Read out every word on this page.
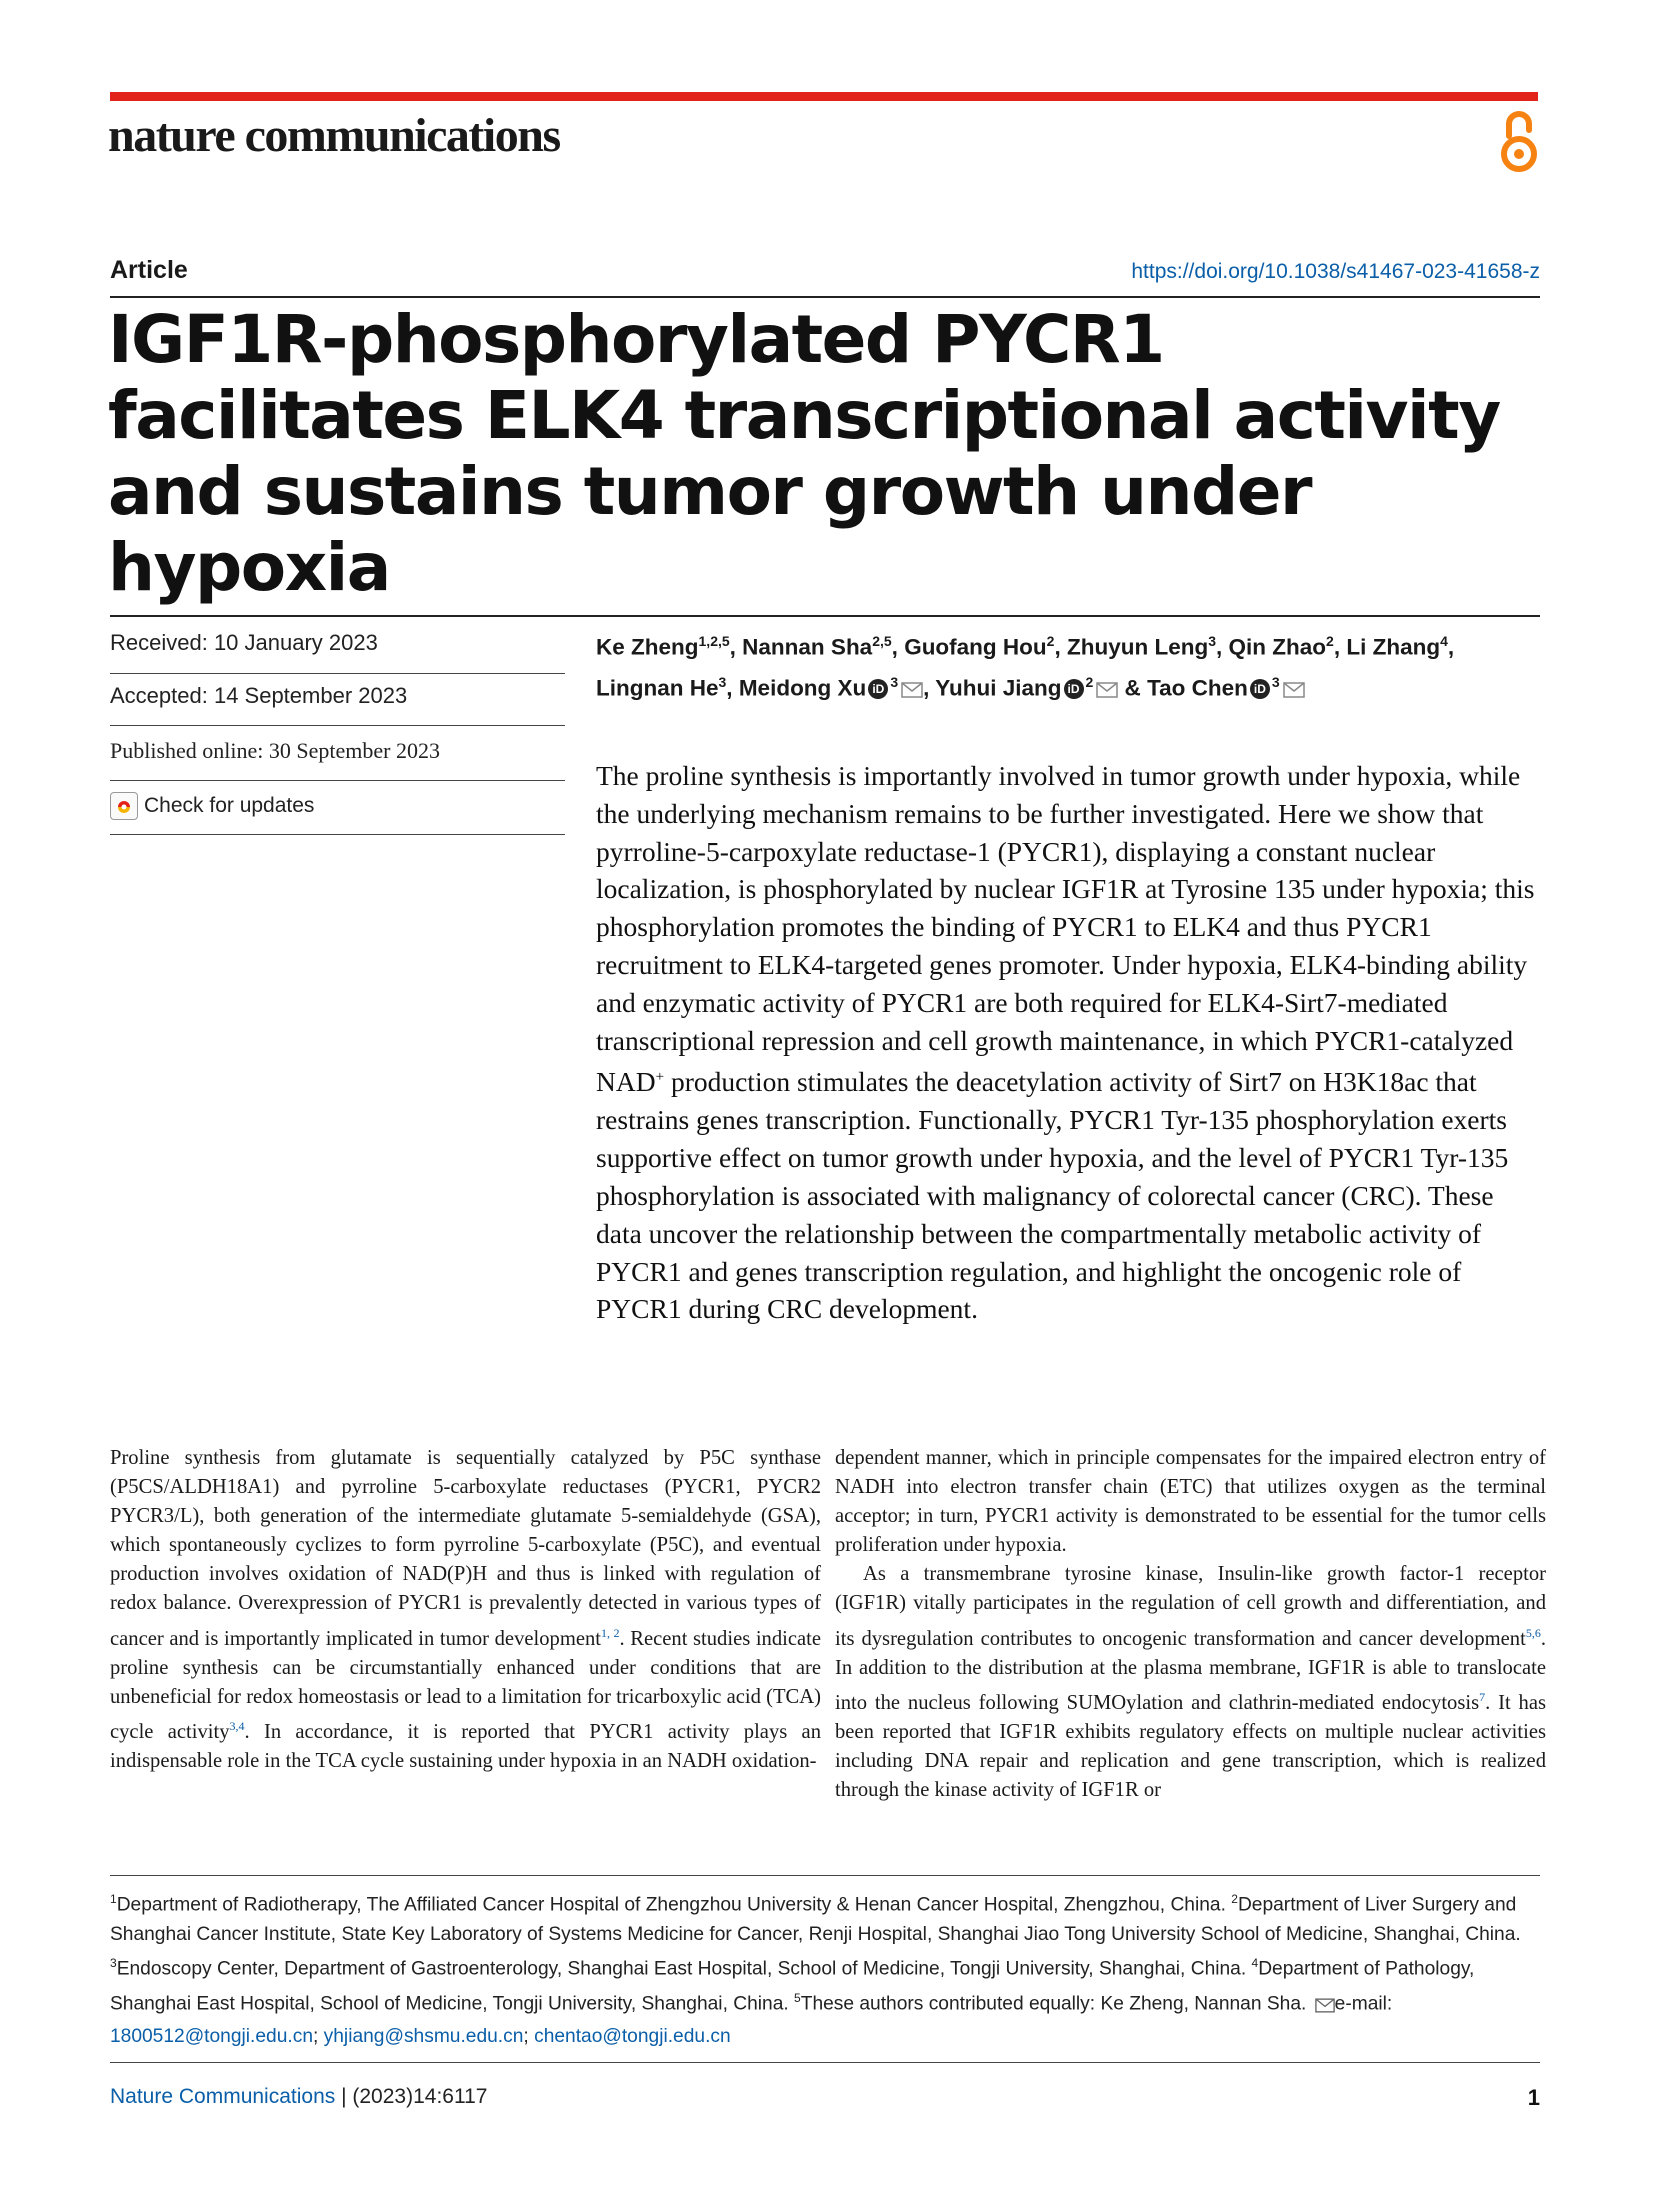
nature communications
Article	https://doi.org/10.1038/s41467-023-41658-z
IGF1R-phosphorylated PYCR1 facilitates ELK4 transcriptional activity and sustains tumor growth under hypoxia
Received: 10 January 2023
Accepted: 14 September 2023
Published online: 30 September 2023
Check for updates
Ke Zheng$^{1,2,5}$, Nannan Sha$^{2,5}$, Guofang Hou$^2$, Zhuyun Leng$^3$, Qin Zhao$^2$, Li Zhang$^4$, Lingnan He$^3$, Meidong Xu iD $^3$ , Yuhui Jiang iD $^2$ & Tao Chen iD $^3$
The proline synthesis is importantly involved in tumor growth under hypoxia, while the underlying mechanism remains to be further investigated. Here we show that pyrroline-5-carpoxylate reductase-1 (PYCR1), displaying a constant nuclear localization, is phosphorylated by nuclear IGF1R at Tyrosine 135 under hypoxia; this phosphorylation promotes the binding of PYCR1 to ELK4 and thus PYCR1 recruitment to ELK4-targeted genes promoter. Under hypoxia, ELK4-binding ability and enzymatic activity of PYCR1 are both required for ELK4-Sirt7-mediated transcriptional repression and cell growth maintenance, in which PYCR1-catalyzed NAD+ production stimulates the deacetylation activity of Sirt7 on H3K18ac that restrains genes transcription. Functionally, PYCR1 Tyr-135 phosphorylation exerts supportive effect on tumor growth under hypoxia, and the level of PYCR1 Tyr-135 phosphorylation is associated with malignancy of colorectal cancer (CRC). These data uncover the relationship between the compartmentally metabolic activity of PYCR1 and genes transcription regulation, and highlight the oncogenic role of PYCR1 during CRC development.
Proline synthesis from glutamate is sequentially catalyzed by P5C synthase (P5CS/ALDH18A1) and pyrroline 5-carboxylate reductases (PYCR1, PYCR2 PYCR3/L), both generation of the intermediate glutamate 5-semialdehyde (GSA), which spontaneously cyclizes to form pyrroline 5-carboxylate (P5C), and eventual production involves oxidation of NAD(P)H and thus is linked with regulation of redox balance. Overexpression of PYCR1 is prevalently detected in various types of cancer and is importantly implicated in tumor development$^{1, 2}$. Recent studies indicate proline synthesis can be circumstantially enhanced under conditions that are unbeneficial for redox homeostasis or lead to a limitation for tricarboxylic acid (TCA) cycle activity$^{3,4}$. In accordance, it is reported that PYCR1 activity plays an indispensable role in the TCA cycle sustaining under hypoxia in an NADH oxidation-
dependent manner, which in principle compensates for the impaired electron entry of NADH into electron transfer chain (ETC) that utilizes oxygen as the terminal acceptor; in turn, PYCR1 activity is demonstrated to be essential for the tumor cells proliferation under hypoxia.
As a transmembrane tyrosine kinase, Insulin-like growth factor-1 receptor (IGF1R) vitally participates in the regulation of cell growth and differentiation, and its dysregulation contributes to oncogenic transformation and cancer development$^{5,6}$. In addition to the distribution at the plasma membrane, IGF1R is able to translocate into the nucleus following SUMOylation and clathrin-mediated endocytosis$^7$. It has been reported that IGF1R exhibits regulatory effects on multiple nuclear activities including DNA repair and replication and gene transcription, which is realized through the kinase activity of IGF1R or
$^1$Department of Radiotherapy, The Affiliated Cancer Hospital of Zhengzhou University & Henan Cancer Hospital, Zhengzhou, China. $^2$Department of Liver Surgery and Shanghai Cancer Institute, State Key Laboratory of Systems Medicine for Cancer, Renji Hospital, Shanghai Jiao Tong University School of Medicine, Shanghai, China. $^3$Endoscopy Center, Department of Gastroenterology, Shanghai East Hospital, School of Medicine, Tongji University, Shanghai, China. $^4$Department of Pathology, Shanghai East Hospital, School of Medicine, Tongji University, Shanghai, China. $^5$These authors contributed equally: Ke Zheng, Nannan Sha. e-mail: 1800512@tongji.edu.cn; yhjiang@shsmu.edu.cn; chentao@tongji.edu.cn
Nature Communications | (2023)14:6117	1
